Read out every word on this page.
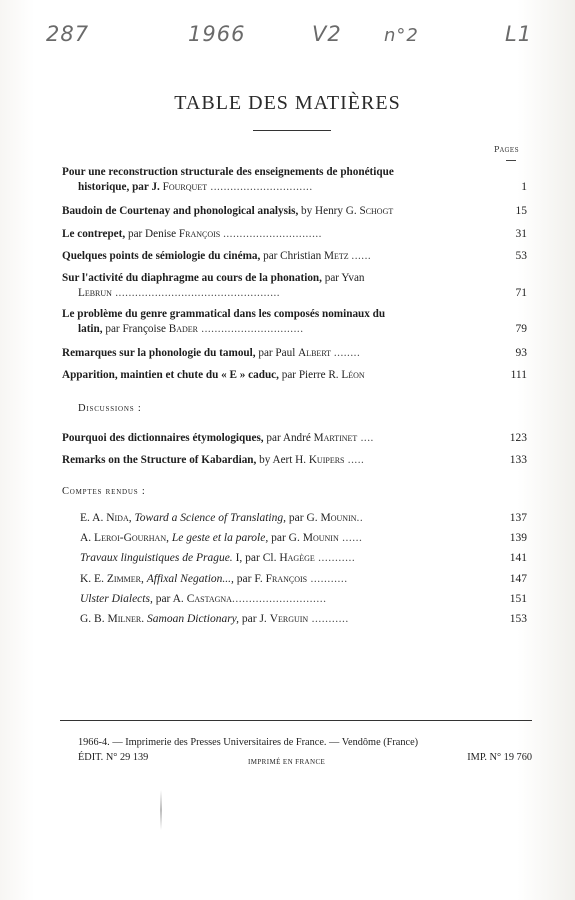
287	1966	V2 n°2	L1
TABLE DES MATIÈRES
Pages
Pour une reconstruction structurale des enseignements de phonétique
historique, par J. Fourquet ...............................	1
Baudoin de Courtenay and phonological analysis, by Henry G. Schogt	15
Le contrepet, par Denise François ..............................	31
Quelques points de sémiologie du cinéma, par Christian Metz ......	53
Sur l'activité du diaphragme au cours de la phonation, par Yvan
Lebrun ..................................................	71
Le problème du genre grammatical dans les composés nominaux du
latin, par Françoise Bader ...............................	79
Remarques sur la phonologie du tamoul, par Paul Albert ........	93
Apparition, maintien et chute du « E » caduc, par Pierre R. Léon	111
Discussions :
Pourquoi des dictionnaires étymologiques, par André Martinet ....	123
Remarks on the Structure of Kabardian, by Aert H. Kuipers .....	133
Comptes rendus :
E. A. Nida, Toward a Science of Translating, par G. Mounin..	137
A. Leroi-Gourhan, Le geste et la parole, par G. Mounin ......	139
Travaux linguistiques de Prague. I, par Cl. Hagège ...........	141
K. E. Zimmer, Affixal Negation..., par F. François ...........	147
Ulster Dialects, par A. Castagna............................	151
G. B. Milner. Samoan Dictionary, par J. Verguin ...........	153
1966-4. — Imprimerie des Presses Universitaires de France. — Vendôme (France)
ÉDIT. N° 29 139	IMP. N° 19 760
IMPRIMÉ EN FRANCE
